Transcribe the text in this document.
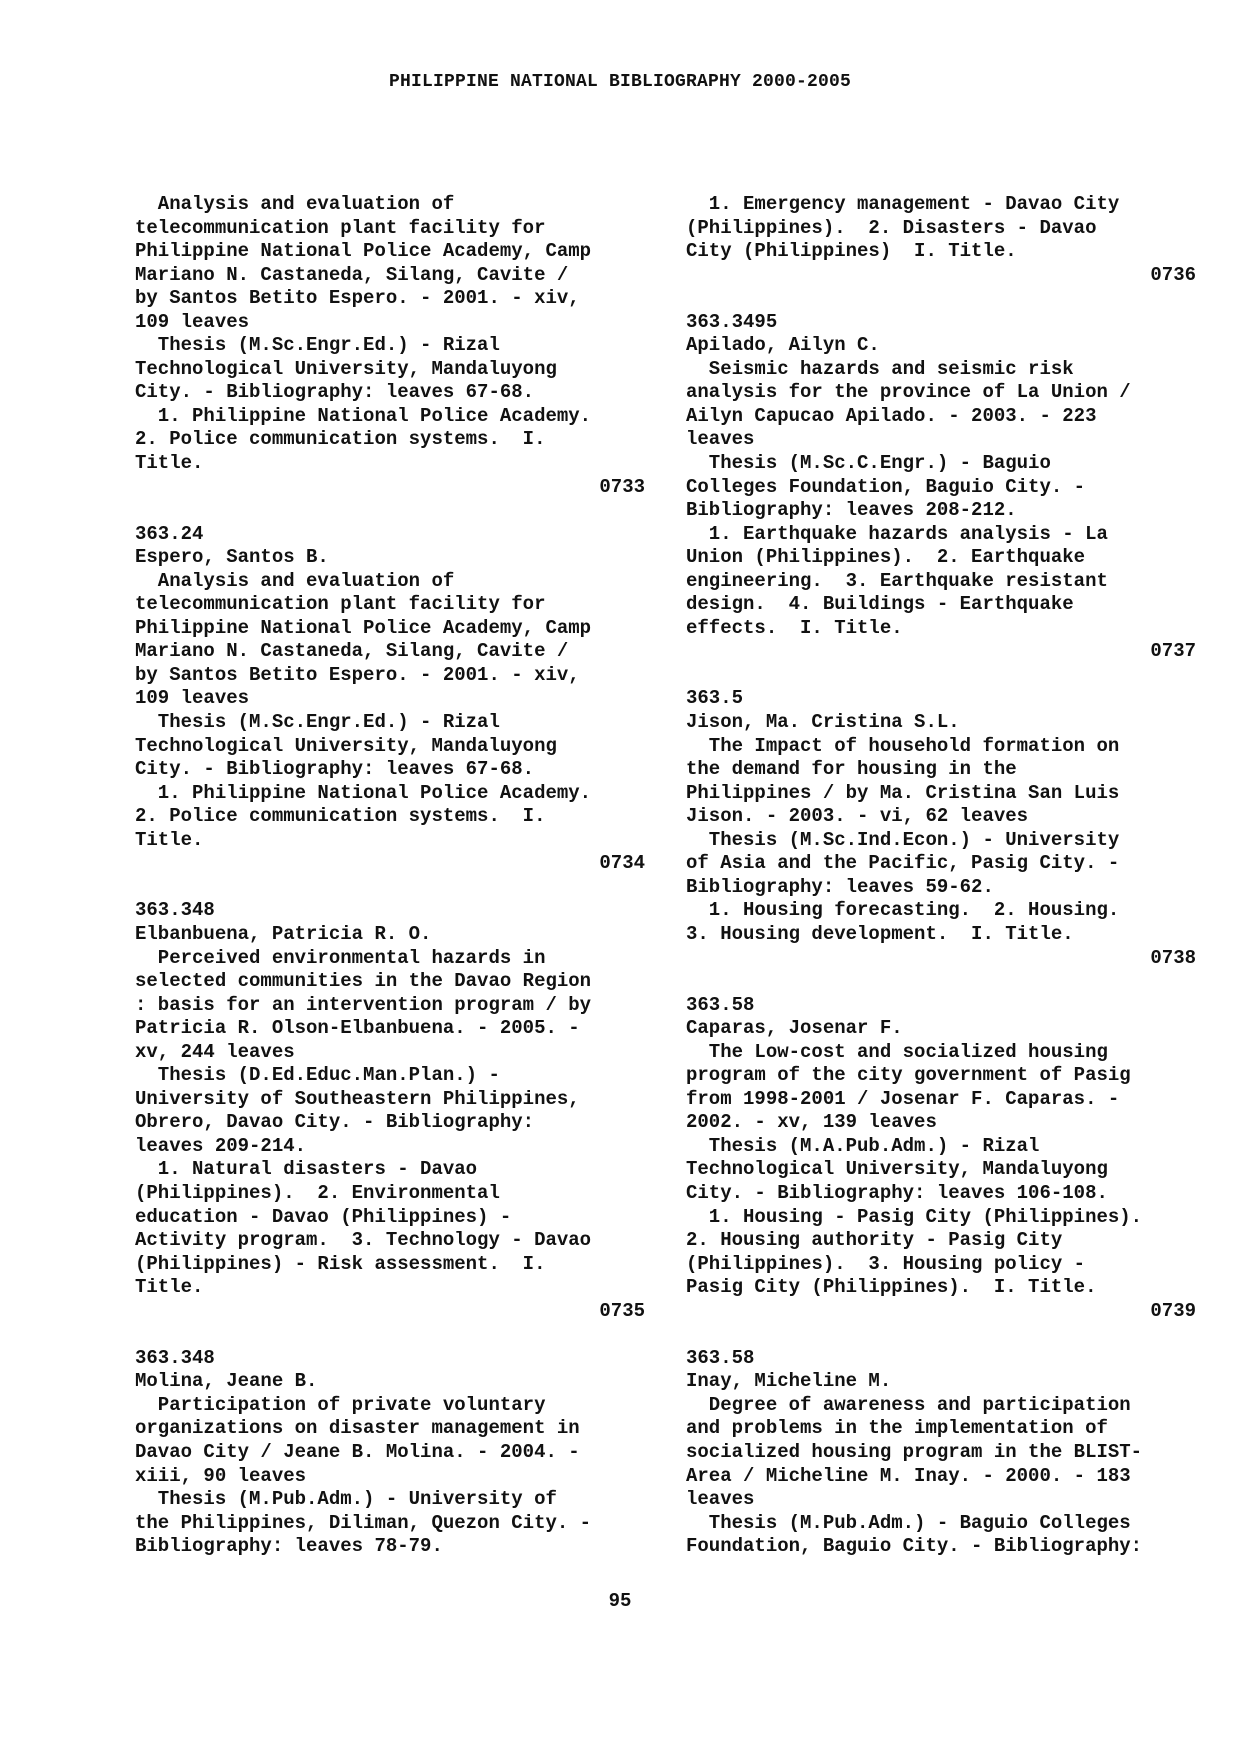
PHILIPPINE NATIONAL BIBLIOGRAPHY 2000-2005
Analysis and evaluation of
telecommunication plant facility for
Philippine National Police Academy, Camp
Mariano N. Castaneda, Silang, Cavite /
by Santos Betito Espero. - 2001. - xiv,
109 leaves
Thesis (M.Sc.Engr.Ed.) - Rizal
Technological University, Mandaluyong
City. - Bibliography: leaves 67-68.
1. Philippine National Police Academy.
2. Police communication systems.  I.
Title.
0733
363.24
Espero, Santos B.
Analysis and evaluation of
telecommunication plant facility for
Philippine National Police Academy, Camp
Mariano N. Castaneda, Silang, Cavite /
by Santos Betito Espero. - 2001. - xiv,
109 leaves
Thesis (M.Sc.Engr.Ed.) - Rizal
Technological University, Mandaluyong
City. - Bibliography: leaves 67-68.
1. Philippine National Police Academy.
2. Police communication systems.  I.
Title.
0734
363.348
Elbanbuena, Patricia R. O.
Perceived environmental hazards in
selected communities in the Davao Region
: basis for an intervention program / by
Patricia R. Olson-Elbanbuena. - 2005. -
xv, 244 leaves
Thesis (D.Ed.Educ.Man.Plan.) -
University of Southeastern Philippines,
Obrero, Davao City. - Bibliography:
leaves 209-214.
1. Natural disasters - Davao
(Philippines).  2. Environmental
education - Davao (Philippines) -
Activity program.  3. Technology - Davao
(Philippines) - Risk assessment.  I.
Title.
0735
363.348
Molina, Jeane B.
Participation of private voluntary
organizations on disaster management in
Davao City / Jeane B. Molina. - 2004. -
xiii, 90 leaves
Thesis (M.Pub.Adm.) - University of
the Philippines, Diliman, Quezon City. -
Bibliography: leaves 78-79.
1. Emergency management - Davao City
(Philippines).  2. Disasters - Davao
City (Philippines)  I. Title.
0736
363.3495
Apilado, Ailyn C.
Seismic hazards and seismic risk
analysis for the province of La Union /
Ailyn Capucao Apilado. - 2003. - 223
leaves
Thesis (M.Sc.C.Engr.) - Baguio
Colleges Foundation, Baguio City. -
Bibliography: leaves 208-212.
1. Earthquake hazards analysis - La
Union (Philippines).  2. Earthquake
engineering.  3. Earthquake resistant
design.  4. Buildings - Earthquake
effects.  I. Title.
0737
363.5
Jison, Ma. Cristina S.L.
The Impact of household formation on
the demand for housing in the
Philippines / by Ma. Cristina San Luis
Jison. - 2003. - vi, 62 leaves
Thesis (M.Sc.Ind.Econ.) - University
of Asia and the Pacific, Pasig City. -
Bibliography: leaves 59-62.
1. Housing forecasting.  2. Housing.
3. Housing development.  I. Title.
0738
363.58
Caparas, Josenar F.
The Low-cost and socialized housing
program of the city government of Pasig
from 1998-2001 / Josenar F. Caparas. -
2002. - xv, 139 leaves
Thesis (M.A.Pub.Adm.) - Rizal
Technological University, Mandaluyong
City. - Bibliography: leaves 106-108.
1. Housing - Pasig City (Philippines).
2. Housing authority - Pasig City
(Philippines).  3. Housing policy -
Pasig City (Philippines).  I. Title.
0739
363.58
Inay, Micheline M.
Degree of awareness and participation
and problems in the implementation of
socialized housing program in the BLIST-
Area / Micheline M. Inay. - 2000. - 183
leaves
Thesis (M.Pub.Adm.) - Baguio Colleges
Foundation, Baguio City. - Bibliography:
95
